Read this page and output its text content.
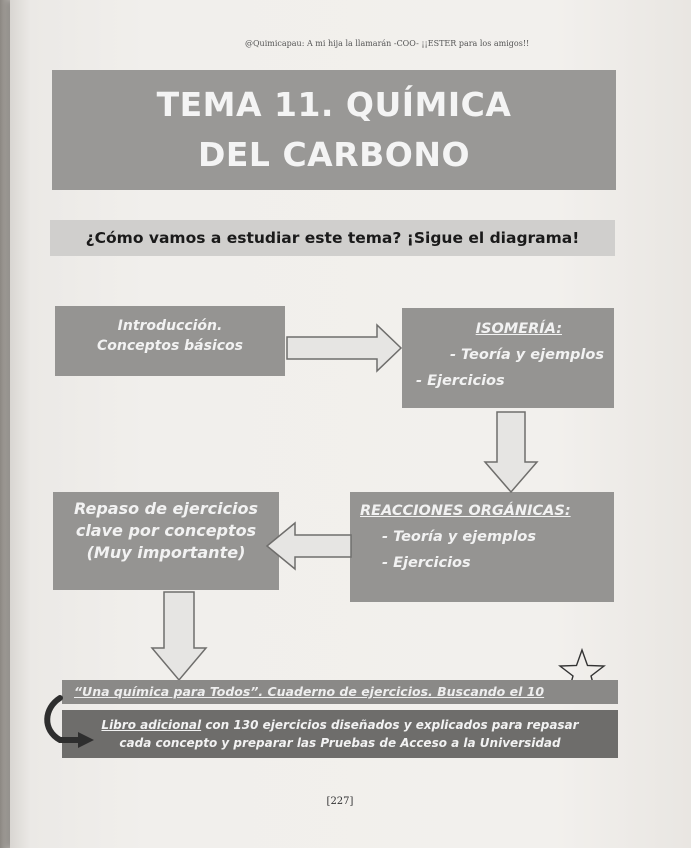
@Quimicapau: A mi hija la llamarán -COO- ¡¡ESTER para los amigos!!
TEMA 11. QUÍMICA
DEL CARBONO
¿Cómo vamos a estudiar este tema? ¡Sigue el diagrama!
Introducción.
Conceptos básicos
ISOMERÍA:
- Teoría y ejemplos
- Ejercicios
REACCIONES ORGÁNICAS:
- Teoría y ejemplos
- Ejercicios
Repaso de ejercicios
clave por conceptos
(Muy importante)
“Una química para Todos”. Cuaderno de ejercicios. Buscando el 10
Libro adicional con 130 ejercicios diseñados y explicados para repasar
cada concepto y preparar las Pruebas de Acceso a la Universidad
[227]
